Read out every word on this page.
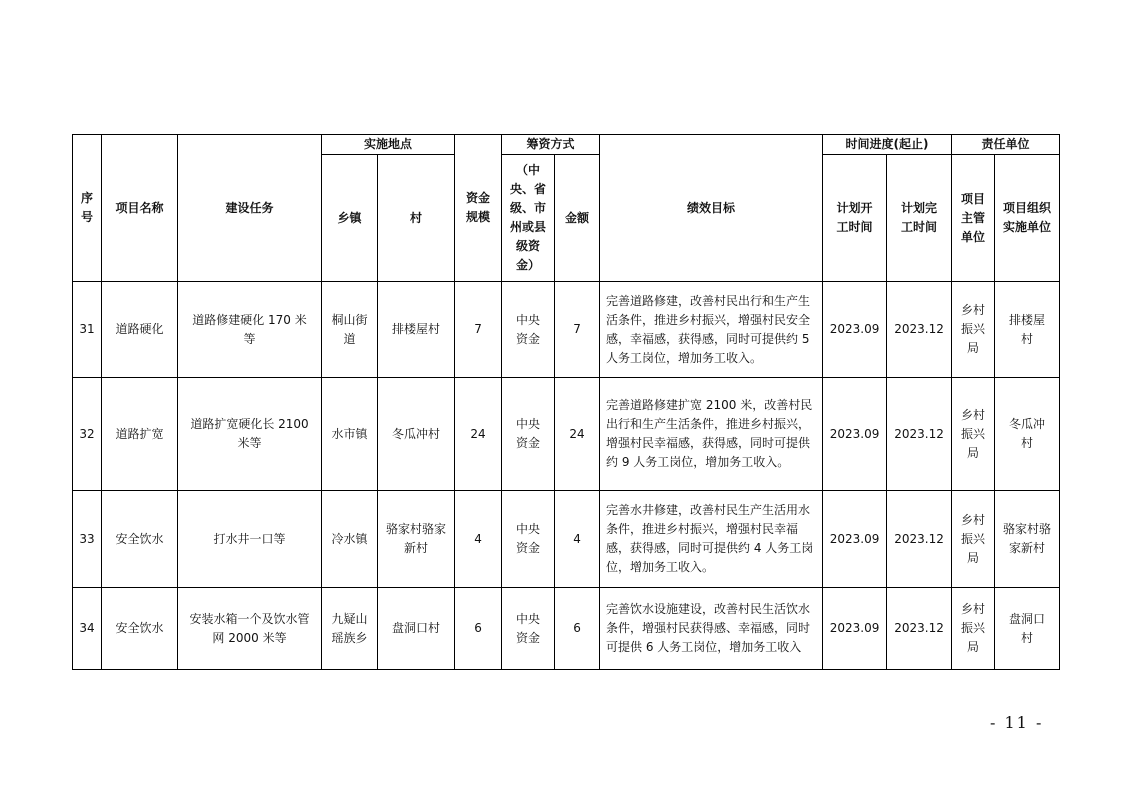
序号	项目名称	建设任务	实施地点		资金规模	筹资方式		绩效目标	时间进度(起止)		责任单位	
			乡镇	村		（中央、省级、市州或县级资金）	金额		计划开工时间	计划完工时间	项目主管单位	项目组织实施单位

31	道路硬化	道路修建硬化 170 米等	桐山街道	排楼屋村	7	中央资金	7	完善道路修建，改善村民出行和生产生活条件，推进乡村振兴，增强村民安全感，幸福感，获得感，同时可提供约 5 人务工岗位，增加务工收入。	2023.09	2023.12	乡村振兴局	排楼屋村
32	道路扩宽	道路扩宽硬化长 2100 米等	水市镇	冬瓜冲村	24	中央资金	24	完善道路修建扩宽 2100 米，改善村民出行和生产生活条件，推进乡村振兴，增强村民幸福感，获得感，同时可提供约 9 人务工岗位，增加务工收入。	2023.09	2023.12	乡村振兴局	冬瓜冲村
33	安全饮水	打水井一口等	冷水镇	骆家村骆家新村	4	中央资金	4	完善水井修建，改善村民生产生活用水条件，推进乡村振兴，增强村民幸福感，获得感，同时可提供约 4 人务工岗位，增加务工收入。	2023.09	2023.12	乡村振兴局	骆家村骆家新村
34	安全饮水	安装水箱一个及饮水管网 2000 米等	九疑山瑶族乡	盘洞口村	6	中央资金	6	完善饮水设施建设，改善村民生活饮水条件，增强村民获得感、幸福感，同时可提供 6 人务工岗位，增加务工收入	2023.09	2023.12	乡村振兴局	盘洞口村
- 11 -
